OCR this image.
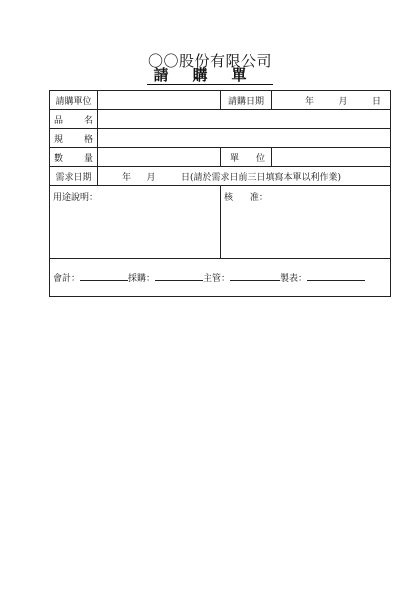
〇〇股份有限公司
請購單
請購單位		請購日期	年 月 日

品 名			

規 格			

數 量		單 位	

需求日期	年 月 日(請於需求日前三日填寫本單以利作業)		

用途說明：		核 准：	
會計： 採購： 主管： 製表：			
